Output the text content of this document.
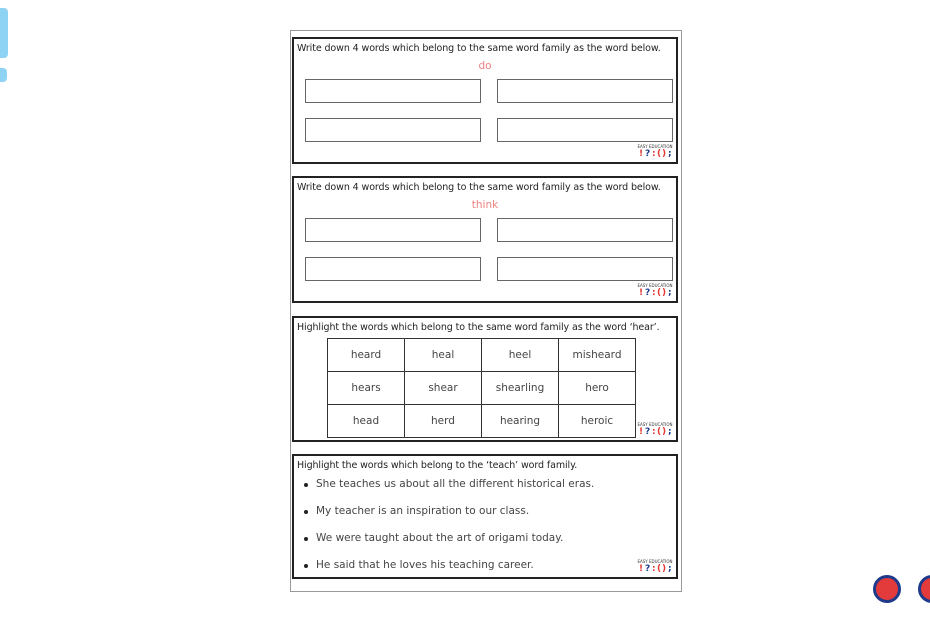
Write down 4 words which belong to the same word family as the word below.
do
EASY EDUCATION
! ? : ( ) ;
Write down 4 words which belong to the same word family as the word below.
think
EASY EDUCATION
! ? : ( ) ;
Highlight the words which belong to the same word family as the word ‘hear’.
heard	heal	heel	misheard
hears	shear	shearling	hero
head	herd	hearing	heroic	EASY EDUCATION
! ? : ( ) ;
Highlight the words which belong to the ‘teach’ word family.
She teaches us about all the different historical eras.
My teacher is an inspiration to our class.
We were taught about the art of origami today.
He said that he loves his teaching career.	EASY EDUCATION
! ? : ( ) ;
